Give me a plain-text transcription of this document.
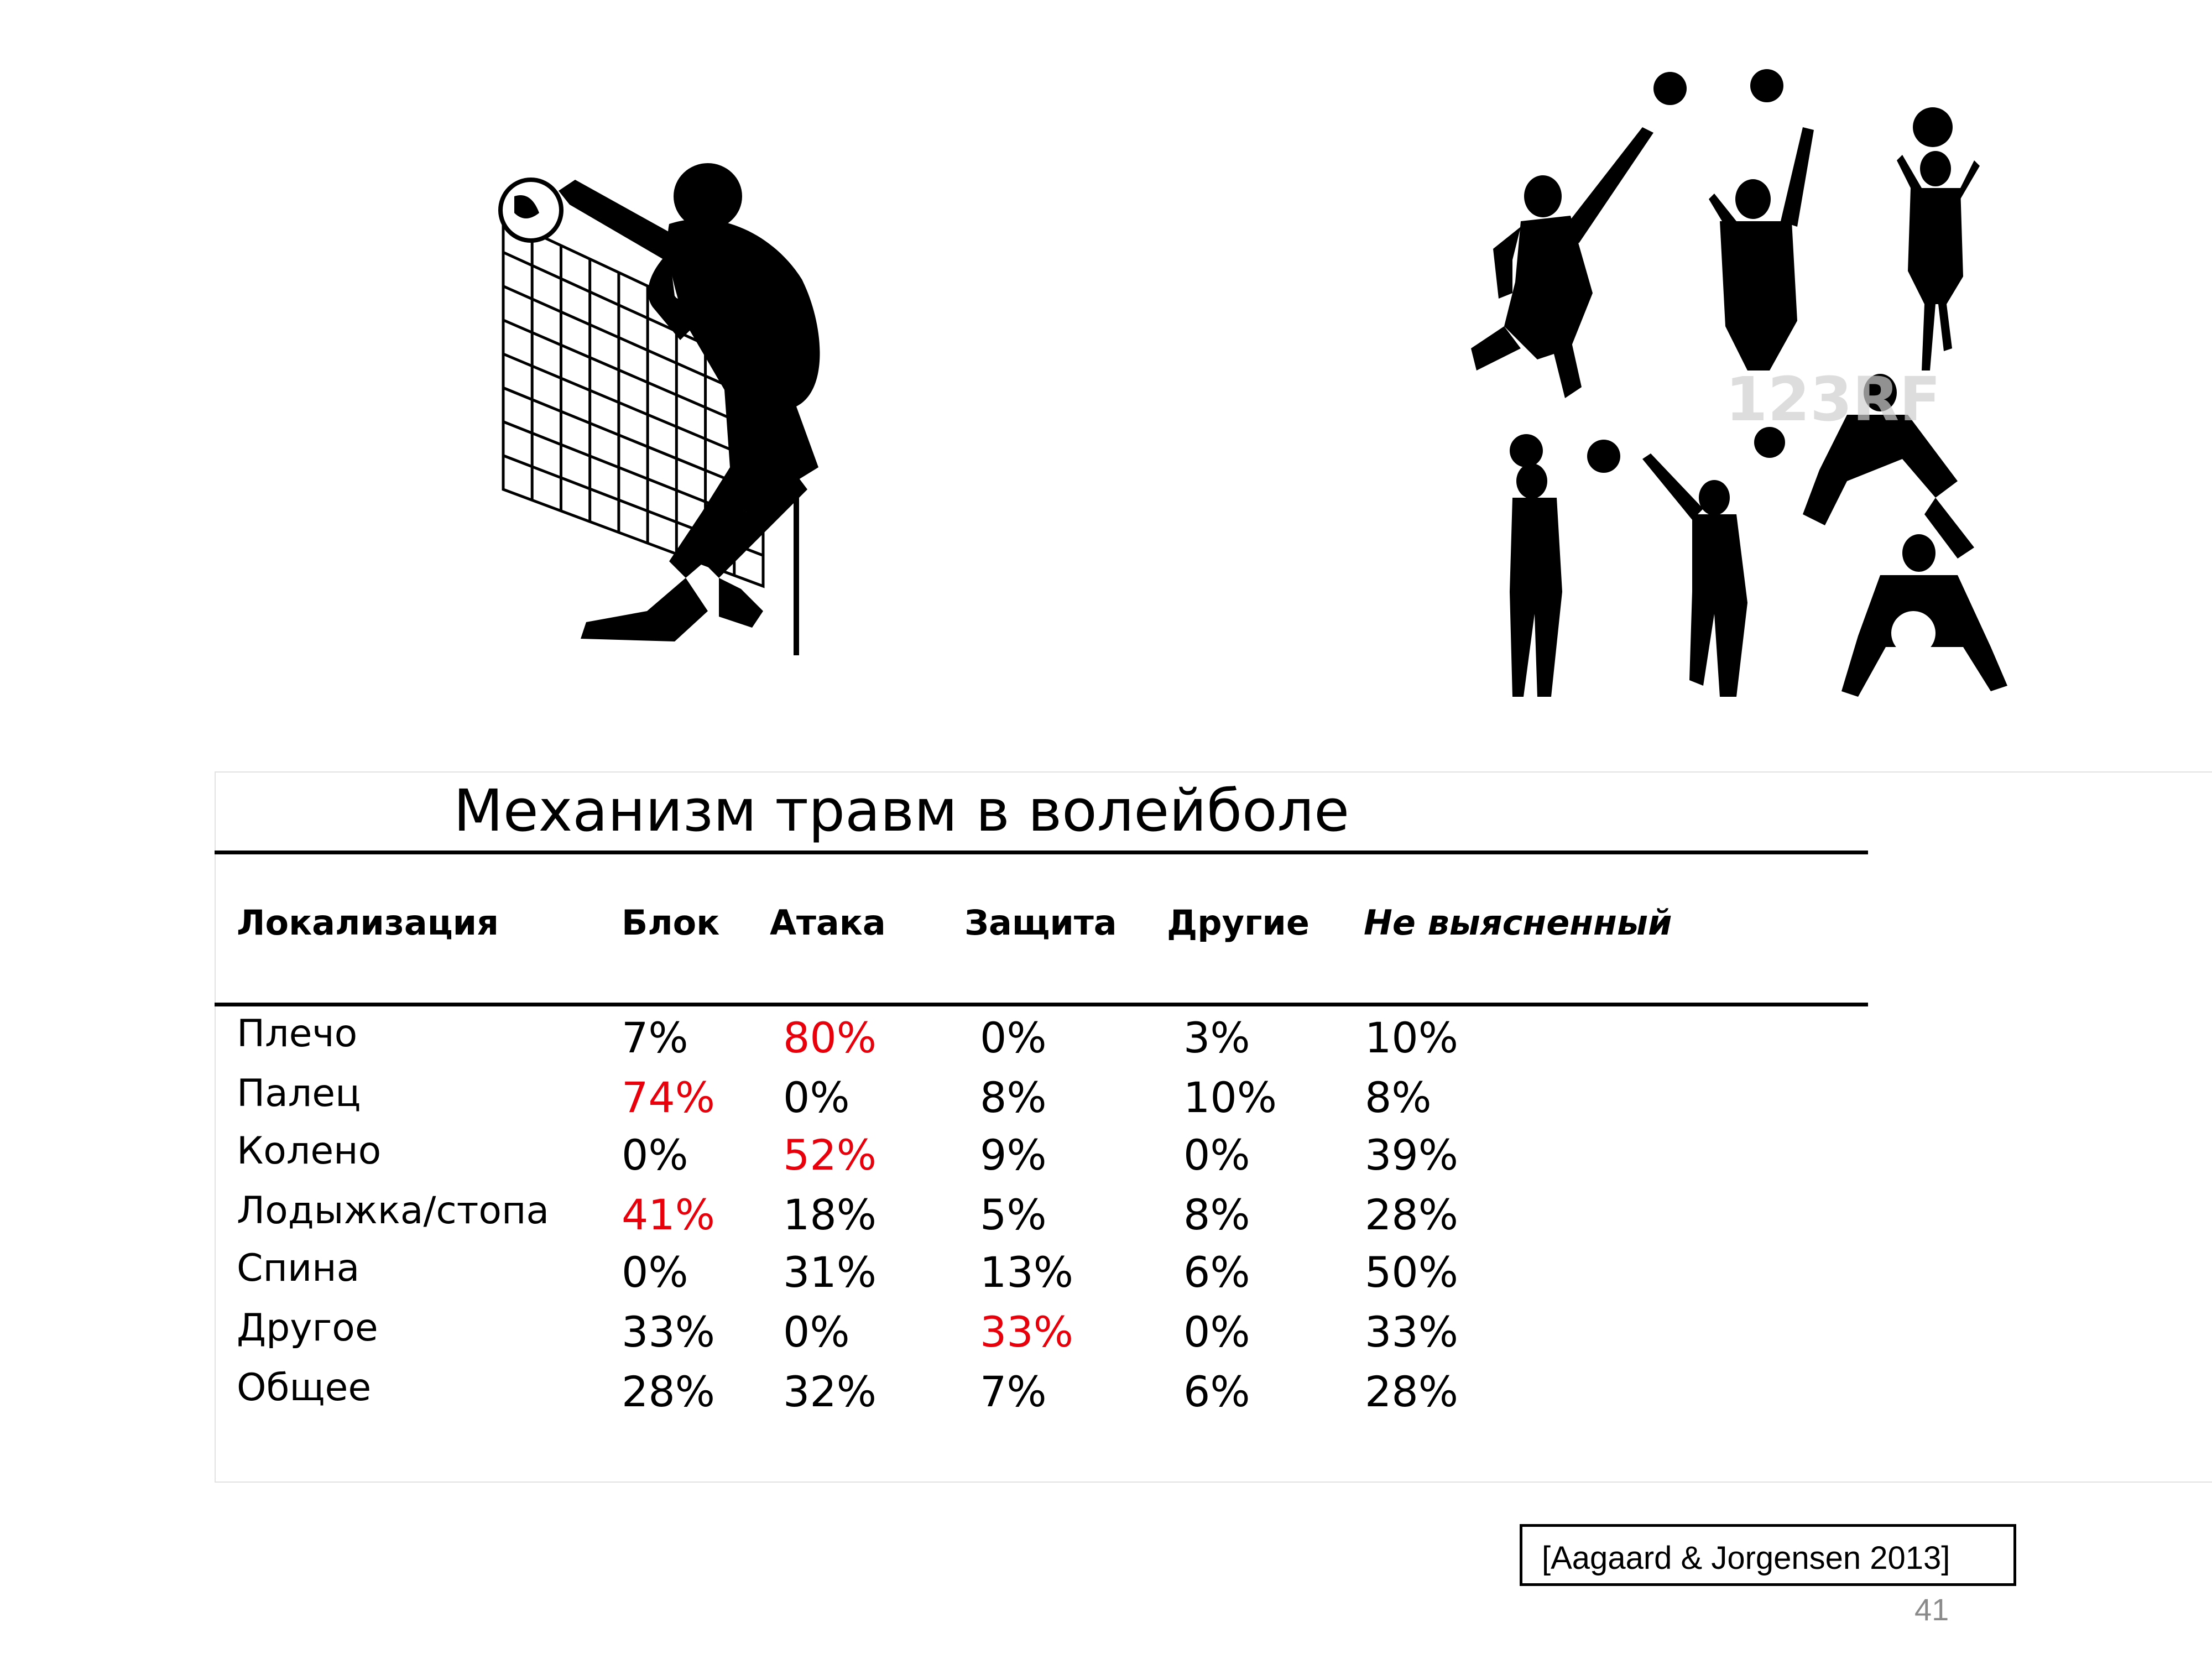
123RF
Механизм травм в волейболе
Локализация	Блок Атака Защита Другие Не выясненный
Плечо	7% 80% 0%	3%	10%
Палец	74% 0%	8%	10% 8%
Колено	0% 52% 9%	0%	39%
Лодыжка/стопа 41% 18% 5%	8%	28%
Спина	0% 31% 13%	6%	50%
Другое	33% 0%	33%	0%	33%
Общее	28% 32% 7%	6%	28%
[Aagaard & Jorgensen 2013]
41
